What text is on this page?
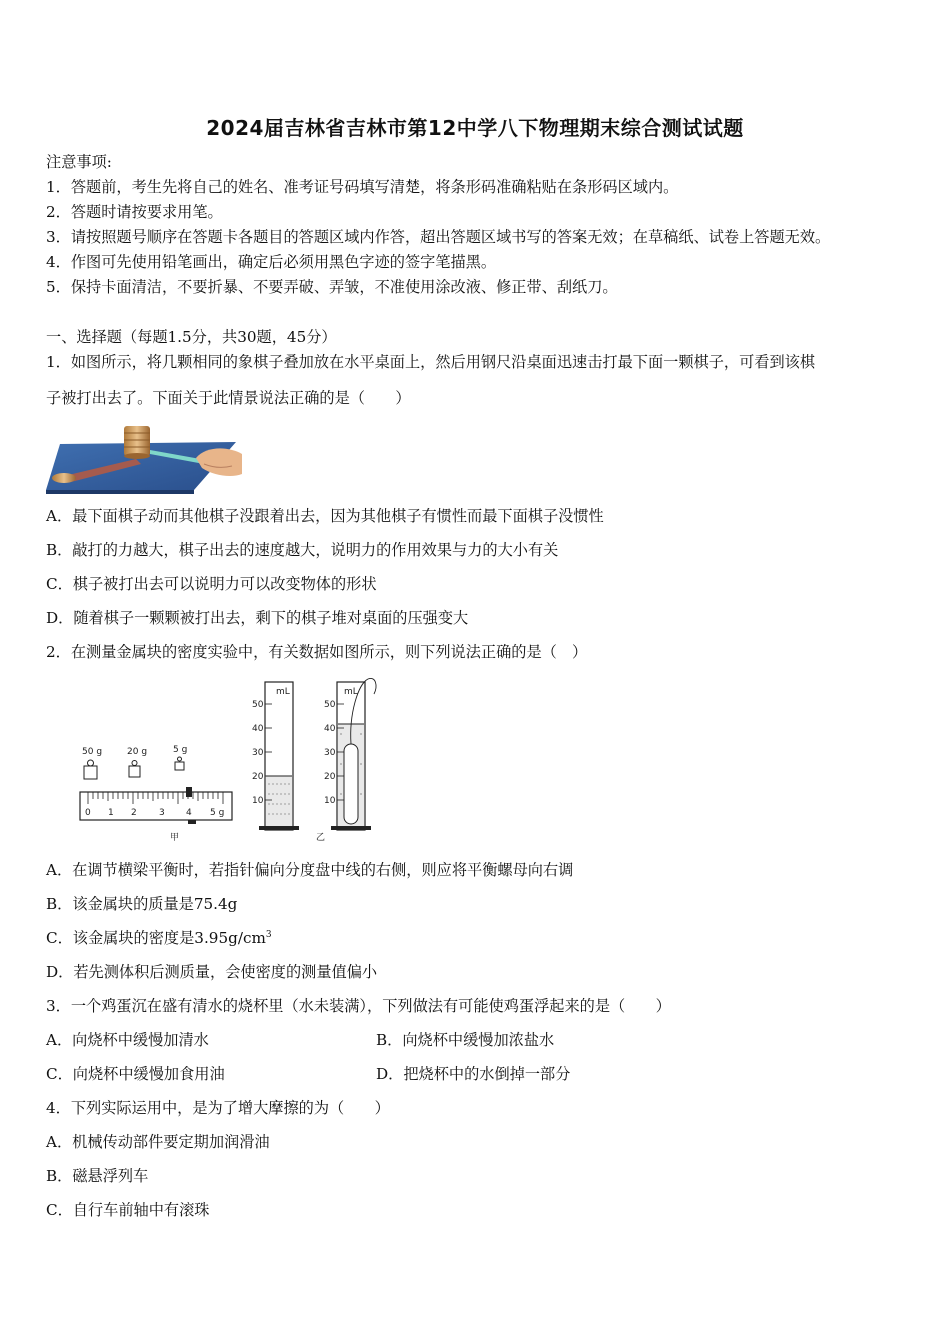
2024届吉林省吉林市第12中学八下物理期末综合测试试题
注意事项:
1．答题前，考生先将自己的姓名、准考证号码填写清楚，将条形码准确粘贴在条形码区域内。
2．答题时请按要求用笔。
3．请按照题号顺序在答题卡各题目的答题区域内作答，超出答题区域书写的答案无效；在草稿纸、试卷上答题无效。
4．作图可先使用铅笔画出，确定后必须用黑色字迹的签字笔描黑。
5．保持卡面清洁，不要折暴、不要弄破、弄皱，不准使用涂改液、修正带、刮纸刀。
一、选择题（每题1.5分，共30题，45分）
1．如图所示，将几颗相同的象棋子叠加放在水平桌面上，然后用钢尺沿桌面迅速击打最下面一颗棋子，可看到该棋
子被打出去了。下面关于此情景说法正确的是（　　）
A．最下面棋子动而其他棋子没跟着出去，因为其他棋子有惯性而最下面棋子没惯性
B．敲打的力越大，棋子出去的速度越大，说明力的作用效果与力的大小有关
C．棋子被打出去可以说明力可以改变物体的形状
D．随着棋子一颗颗被打出去，剩下的棋子堆对桌面的压强变大
2．在测量金属块的密度实验中，有关数据如图所示，则下列说法正确的是（　）
50 g	20 g	5 g
0 1 2 3 4 5 g
甲
mL
50
40
30
20
10
mL
50
40
30
20
10
乙
A．在调节横梁平衡时，若指针偏向分度盘中线的右侧，则应将平衡螺母向右调
B．该金属块的质量是75.4g
C．该金属块的密度是$3.95g/cm^3$
D．若先测体积后测质量，会使密度的测量值偏小
3．一个鸡蛋沉在盛有清水的烧杯里（水未装满），下列做法有可能使鸡蛋浮起来的是（　　）
A．向烧杯中缓慢加清水	B．向烧杯中缓慢加浓盐水
C．向烧杯中缓慢加食用油	D．把烧杯中的水倒掉一部分
4．下列实际运用中，是为了增大摩擦的为（　　）
A．机械传动部件要定期加润滑油
B．磁悬浮列车
C．自行车前轴中有滚珠
